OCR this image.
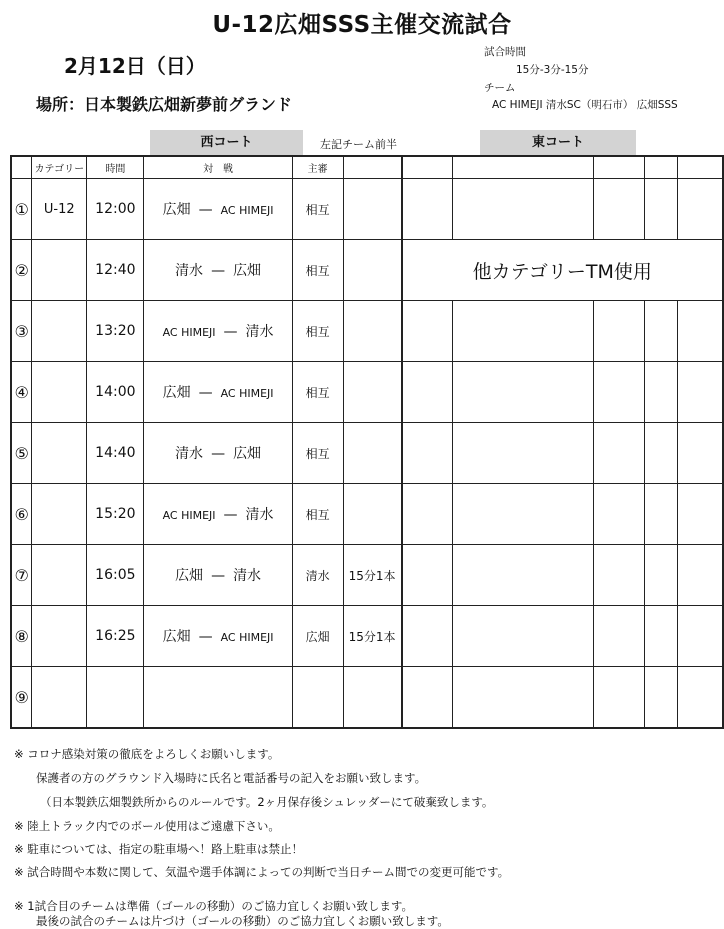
U-12広畑SSS主催交流試合
2月12日（日）
場所：日本製鉄広畑新夢前グランド
試合時間
15分-3分-15分
チーム
AC HIMEJI 清水SC（明石市） 広畑SSS
西コート	左記チーム前半	東コート
	カテゴリー	時間	対　戦	主審						
①	U-12	12:00	広畑 — AC HIMEJI	相互						
②		12:40	清水 — 広畑	相互		他カテゴリーTM使用				
③		13:20	AC HIMEJI — 清水	相互						
④		14:00	広畑 — AC HIMEJI	相互						
⑤		14:40	清水 — 広畑	相互						
⑥		15:20	AC HIMEJI — 清水	相互						
⑦		16:05	広畑 — 清水	清水	15分1本					
⑧		16:25	広畑 — AC HIMEJI	広畑	15分1本					
⑨										
※ コロナ感染対策の徹底をよろしくお願いします。
保護者の方のグラウンド入場時に氏名と電話番号の記入をお願い致します。
（日本製鉄広畑製鉄所からのルールです。2ヶ月保存後シュレッダーにて破棄致します。
※ 陸上トラック内でのボール使用はご遠慮下さい。
※ 駐車については、指定の駐車場へ！路上駐車は禁止！
※ 試合時間や本数に関して、気温や選手体調によっての判断で当日チーム間での変更可能です。
※ 1試合目のチームは準備（ゴールの移動）のご協力宜しくお願い致します。
最後の試合のチームは片づけ（ゴールの移動）のご協力宜しくお願い致します。
